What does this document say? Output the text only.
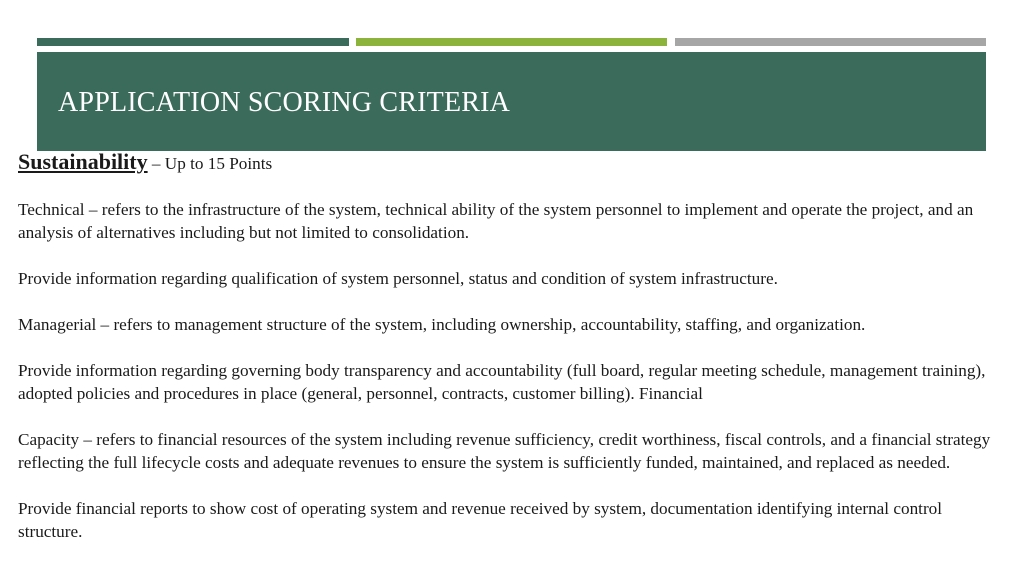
APPLICATION SCORING CRITERIA

Sustainability – Up to 15 Points

Technical – refers to the infrastructure of the system, technical ability of the system personnel to implement and operate the project, and an analysis of alternatives including but not limited to consolidation.

Provide information regarding qualification of system personnel, status and condition of system infrastructure.

Managerial – refers to management structure of the system, including ownership, accountability, staffing, and organization.

Provide information regarding governing body transparency and accountability (full board, regular meeting schedule, management training), adopted policies and procedures in place (general, personnel, contracts, customer billing). Financial

Capacity – refers to financial resources of the system including revenue sufficiency, credit worthiness, fiscal controls, and a financial strategy reflecting the full lifecycle costs and adequate revenues to ensure the system is sufficiently funded, maintained, and replaced as needed.

Provide financial reports to show cost of operating system and revenue received by system, documentation identifying internal control structure.
